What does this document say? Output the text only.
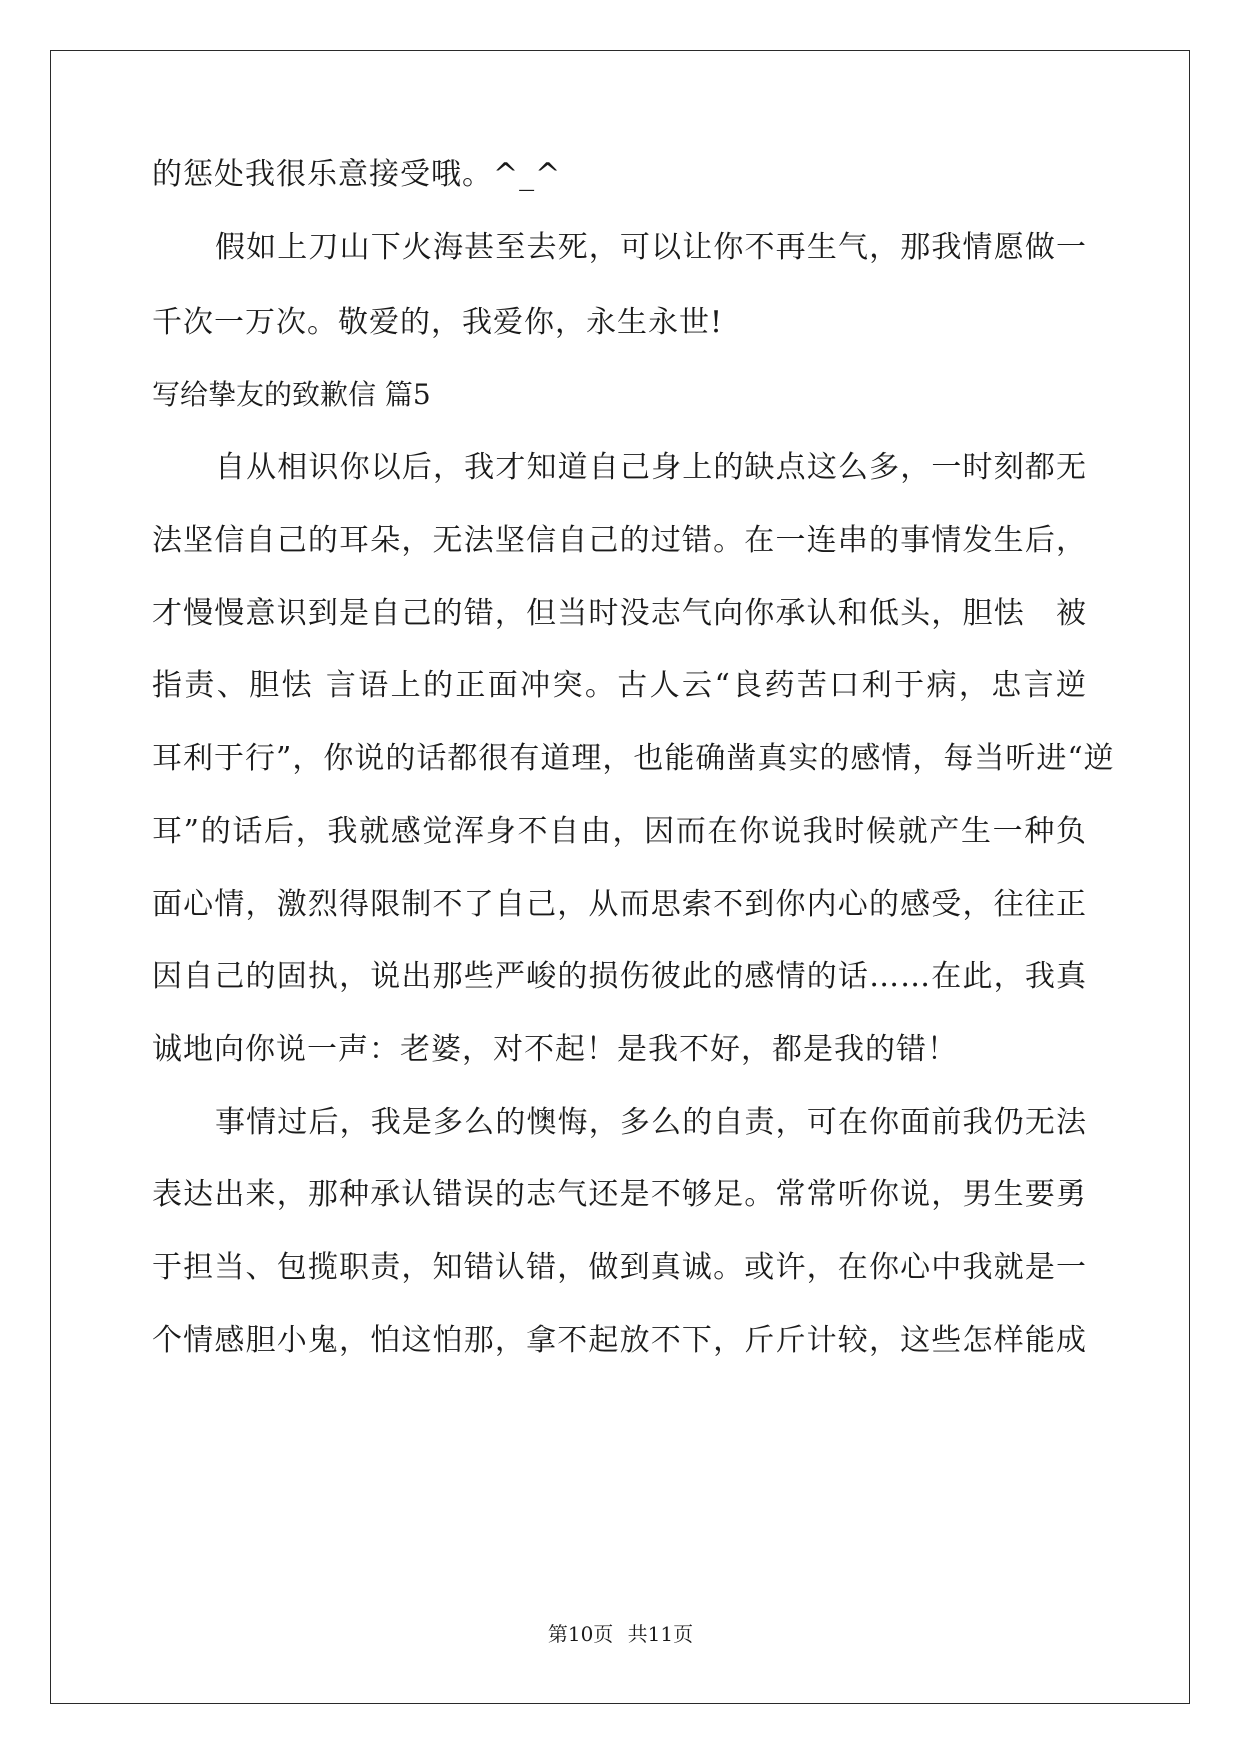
的惩处我很乐意接受哦。^_^
假如上刀山下火海甚至去死，可以让你不再生气，那我情愿做一
千次一万次。敬爱的，我爱你，永生永世!
写给挚友的致歉信 篇5
自从相识你以后，我才知道自己身上的缺点这么多，一时刻都无
法坚信自己的耳朵，无法坚信自己的过错。在一连串的事情发生后，
才慢慢意识到是自己的错，但当时没志气向你承认和低头，胆怯　被
指责、胆怯 言语上的正面冲突。古人云“良药苦口利于病，忠言逆
耳利于行”，你说的话都很有道理，也能确凿真实的感情，每当听进“逆
耳”的话后，我就感觉浑身不自由，因而在你说我时候就产生一种负
面心情，激烈得限制不了自己，从而思索不到你内心的感受，往往正
因自己的固执，说出那些严峻的损伤彼此的感情的话……在此，我真
诚地向你说一声：老婆，对不起！是我不好，都是我的错！
事情过后，我是多么的懊悔，多么的自责，可在你面前我仍无法
表达出来，那种承认错误的志气还是不够足。常常听你说，男生要勇
于担当、包揽职责，知错认错，做到真诚。或许，在你心中我就是一
个情感胆小鬼，怕这怕那，拿不起放不下，斤斤计较，这些怎样能成
第10页 共11页
